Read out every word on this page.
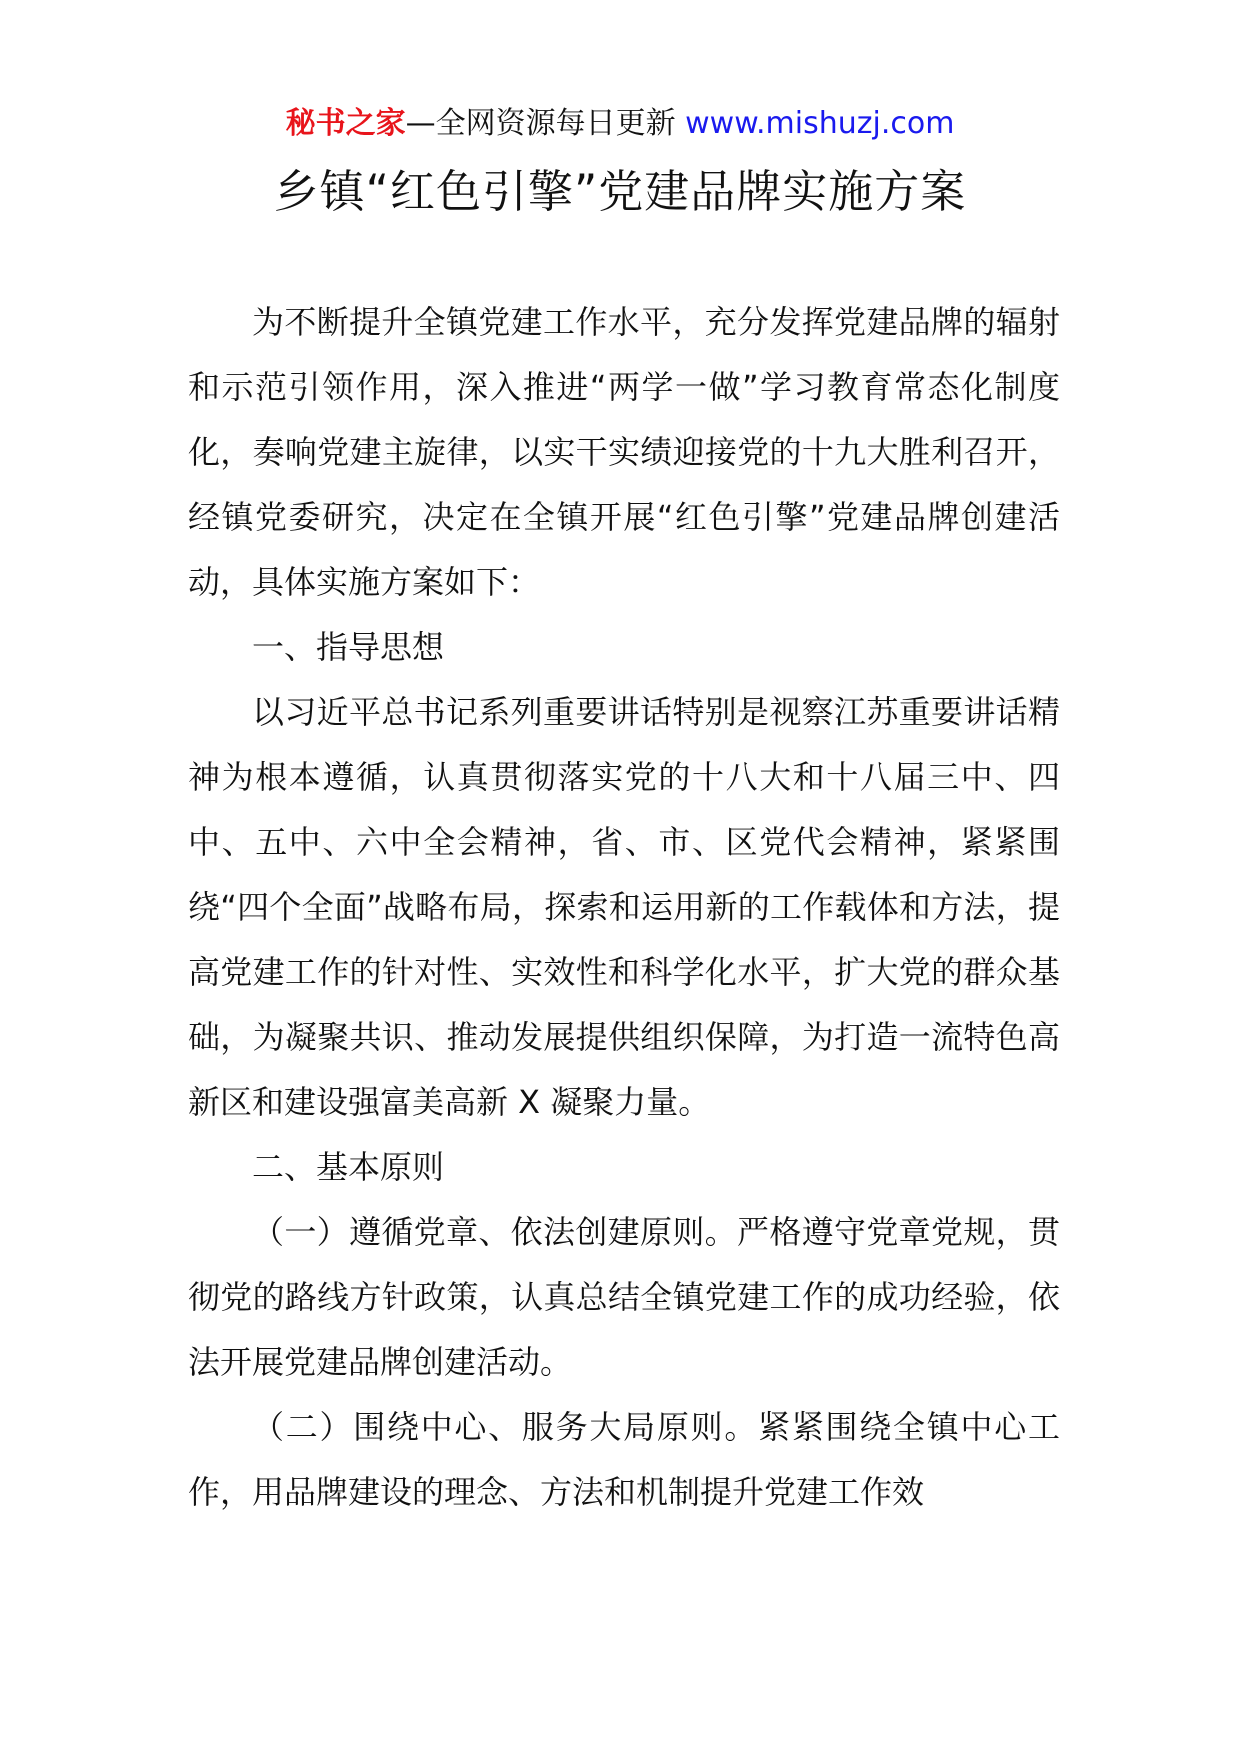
秘书之家—全网资源每日更新 www.mishuzj.com
乡镇“红色引擎”党建品牌实施方案

为不断提升全镇党建工作水平，充分发挥党建品牌的辐射和示范引领作用，深入推进“两学一做”学习教育常态化制度化，奏响党建主旋律，以实干实绩迎接党的十九大胜利召开，经镇党委研究，决定在全镇开展“红色引擎”党建品牌创建活动，具体实施方案如下：

一、指导思想

以习近平总书记系列重要讲话特别是视察江苏重要讲话精神为根本遵循，认真贯彻落实党的十八大和十八届三中、四中、五中、六中全会精神，省、市、区党代会精神，紧紧围绕“四个全面”战略布局，探索和运用新的工作载体和方法，提高党建工作的针对性、实效性和科学化水平，扩大党的群众基础，为凝聚共识、推动发展提供组织保障，为打造一流特色高新区和建设强富美高新 X 凝聚力量。

二、基本原则

（一）遵循党章、依法创建原则。严格遵守党章党规，贯彻党的路线方针政策，认真总结全镇党建工作的成功经验，依法开展党建品牌创建活动。

（二）围绕中心、服务大局原则。紧紧围绕全镇中心工作，用品牌建设的理念、方法和机制提升党建工作效
